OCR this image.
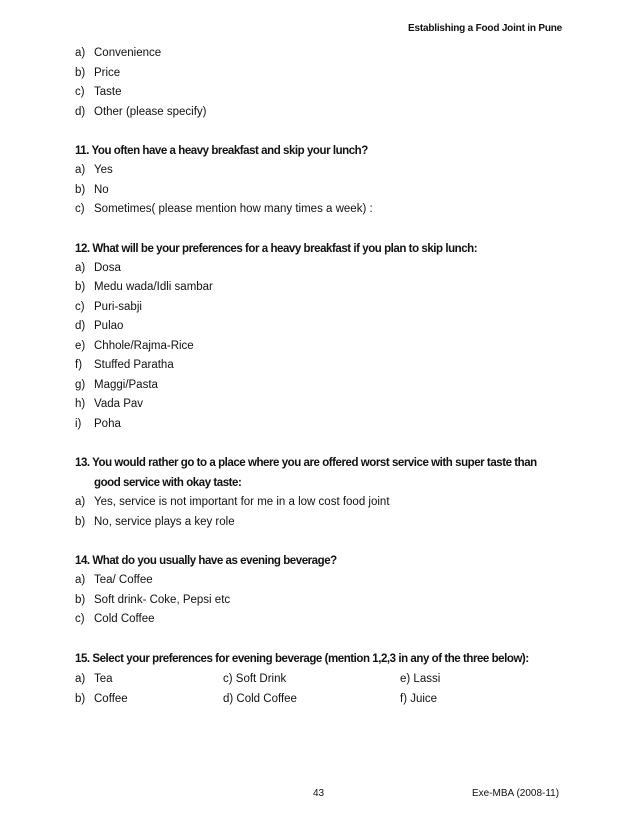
Establishing a Food Joint in Pune
a) Convenience
b) Price
c) Taste
d) Other (please specify)
11. You often have a heavy breakfast and skip your lunch?
a) Yes
b) No
c) Sometimes( please mention how many times a week) :
12. What will be your preferences for a heavy breakfast if you plan to skip lunch:
a) Dosa
b) Medu wada/Idli sambar
c) Puri-sabji
d) Pulao
e) Chhole/Rajma-Rice
f)	Stuffed Paratha
g) Maggi/Pasta
h) Vada Pav
i)	Poha
13. You would rather go to a place where you are offered worst service with super taste than
good service with okay taste:
a) Yes, service is not important for me in a low cost food joint
b) No, service plays a key role
14. What do you usually have as evening beverage?
a) Tea/ Coffee
b) Soft drink- Coke, Pepsi etc
c) Cold Coffee
15. Select your preferences for evening beverage (mention 1,2,3 in any of the three below):
a) Tea	c) Soft Drink	e) Lassi
b) Coffee	d) Cold Coffee	f) Juice
43	Exe-MBA (2008-11)
